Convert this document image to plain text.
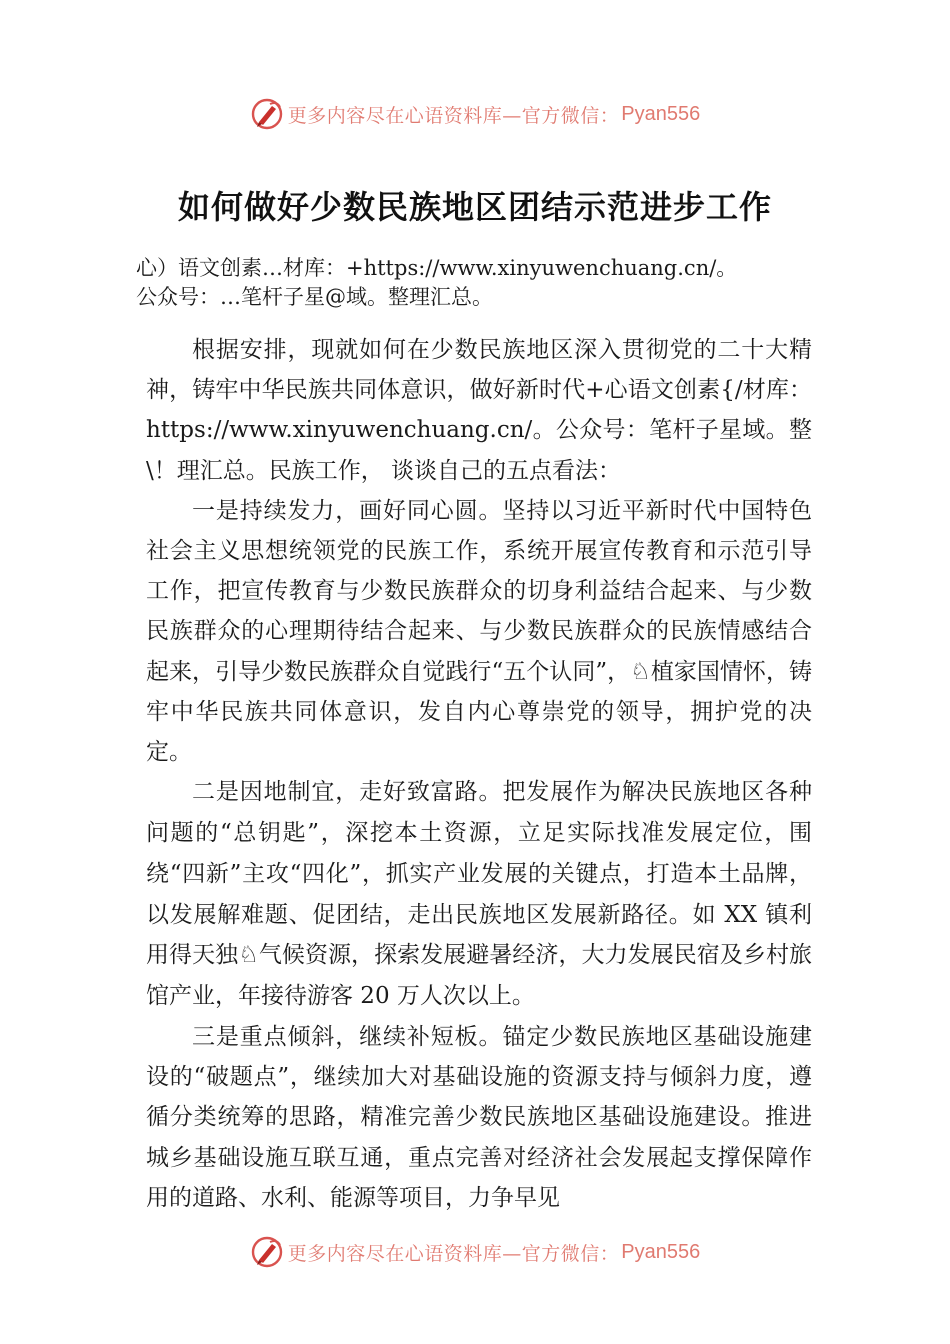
更多内容尽在心语资料库—官方微信： Pyan556
如何做好少数民族地区团结示范进步工作

心）语文创素…材库：+https://www.xinyuwenchuang.cn/。

公众号：…笔杆子星@域。整理汇总。

根据安排，现就如何在少数民族地区深入贯彻党的二十大精神，铸牢中华民族共同体意识，做好新时代+心语文创素{/材库：https://www.xinyuwenchuang.cn/。公众号：笔杆子星域。整\！理汇总。民族工作， 谈谈自己的五点看法：

一是持续发力，画好同心圆。坚持以习近平新时代中国特色社会主义思想统领党的民族工作，系统开展宣传教育和示范引导工作，把宣传教育与少数民族群众的切身利益结合起来、与少数民族群众的心理期待结合起来、与少数民族群众的民族情感结合起来，引导少数民族群众自觉践行“五个认同”，♘植家国情怀，铸牢中华民族共同体意识，发自内心尊崇党的领导，拥护党的决定。

二是因地制宜，走好致富路。把发展作为解决民族地区各种问题的“总钥匙”，深挖本土资源，立足实际找准发展定位，围绕“四新”主攻“四化”，抓实产业发展的关键点，打造本土品牌，以发展解难题、促团结，走出民族地区发展新路径。如 XX 镇利用得天独♘气候资源，探索发展避暑经济，大力发展民宿及乡村旅馆产业，年接待游客 20 万人次以上。

三是重点倾斜，继续补短板。锚定少数民族地区基础设施建设的“破题点”，继续加大对基础设施的资源支持与倾斜力度，遵循分类统筹的思路，精准完善少数民族地区基础设施建设。推进城乡基础设施互联互通，重点完善对经济社会发展起支撑保障作用的道路、水利、能源等项目，力争早见

更多内容尽在心语资料库—官方微信： Pyan556
